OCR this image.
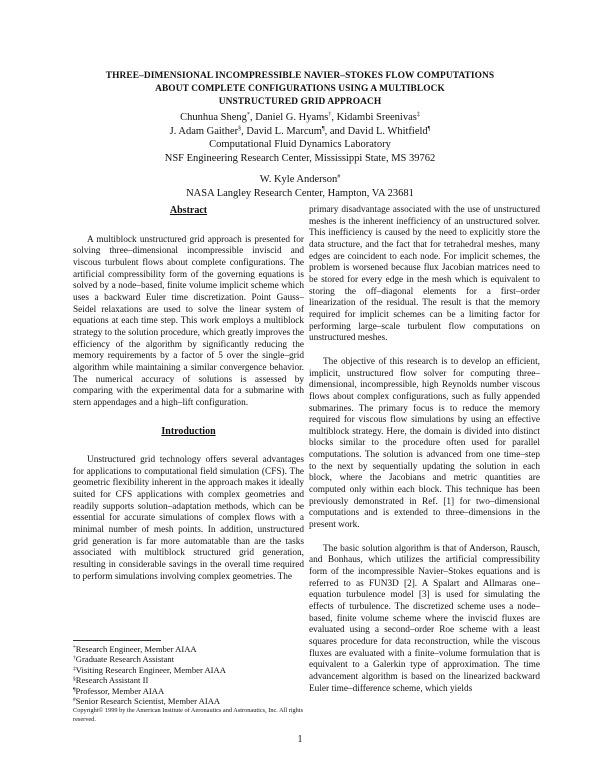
THREE–DIMENSIONAL INCOMPRESSIBLE NAVIER–STOKES FLOW COMPUTATIONS
ABOUT COMPLETE CONFIGURATIONS USING A MULTIBLOCK
UNSTRUCTURED GRID APPROACH
Chunhua Sheng*, Daniel G. Hyams†, Kidambi Sreenivas‡
J. Adam Gaither§, David L. Marcum¶, and David L. Whitfield¶
Computational Fluid Dynamics Laboratory
NSF Engineering Research Center, Mississippi State, MS 39762
W. Kyle Anderson#
NASA Langley Research Center, Hampton, VA 23681
Abstract

A multiblock unstructured grid approach is presented for solving three–dimensional incompressible inviscid and viscous turbulent flows about complete configurations. The artificial compressibility form of the governing equations is solved by a node–based, finite volume implicit scheme which uses a backward Euler time discretization. Point Gauss–Seidel relaxations are used to solve the linear system of equations at each time step. This work employs a multiblock strategy to the solution procedure, which greatly improves the efficiency of the algorithm by significantly reducing the memory requirements by a factor of 5 over the single–grid algorithm while maintaining a similar convergence behavior. The numerical accuracy of solutions is assessed by comparing with the experimental data for a submarine with stern appendages and a high–lift configuration.

Introduction

Unstructured grid technology offers several advantages for applications to computational field simulation (CFS). The geometric flexibility inherent in the approach makes it ideally suited for CFS applications with complex geometries and readily supports solution–adaptation methods, which can be essential for accurate simulations of complex flows with a minimal number of mesh points. In addition, unstructured grid generation is far more automatable than are the tasks associated with multiblock structured grid generation, resulting in considerable savings in the overall time required to perform simulations involving complex geometries. The

primary disadvantage associated with the use of unstructured meshes is the inherent inefficiency of an unstructured solver. This inefficiency is caused by the need to explicitly store the data structure, and the fact that for tetrahedral meshes, many edges are coincident to each node. For implicit schemes, the problem is worsened because flux Jacobian matrices need to be stored for every edge in the mesh which is equivalent to storing the off–diagonal elements for a first–order linearization of the residual. The result is that the memory required for implicit schemes can be a limiting factor for performing large–scale turbulent flow computations on unstructured meshes.

The objective of this research is to develop an efficient, implicit, unstructured flow solver for computing three–dimensional, incompressible, high Reynolds number viscous flows about complex configurations, such as fully appended submarines. The primary focus is to reduce the memory required for viscous flow simulations by using an effective multiblock strategy. Here, the domain is divided into distinct blocks similar to the procedure often used for parallel computations. The solution is advanced from one time–step to the next by sequentially updating the solution in each block, where the Jacobians and metric quantities are computed only within each block. This technique has been previously demonstrated in Ref. [1] for two–dimensional computations and is extended to three–dimensions in the present work.

The basic solution algorithm is that of Anderson, Rausch, and Bonhaus, which utilizes the artificial compressibility form of the incompressible Navier–Stokes equations and is referred to as FUN3D [2]. A Spalart and Allmaras one–equation turbulence model [3] is used for simulating the effects of turbulence. The discretized scheme uses a node–based, finite volume scheme where the inviscid fluxes are evaluated using a second–order Roe scheme with a least squares procedure for data reconstruction, while the viscous fluxes are evaluated with a finite–volume formulation that is equivalent to a Galerkin type of approximation. The time advancement algorithm is based on the linearized backward Euler time–difference scheme, which yields

*Research Engineer, Member AIAA
†Graduate Research Assistant
‡Visiting Research Engineer, Member AIAA
§Research Assistant II
¶Professor, Member AIAA
#Senior Research Scientist, Member AIAA
Copyright© 1999 by the American Institute of Aeronautics and Astronautics, Inc. All rights reserved.
1
